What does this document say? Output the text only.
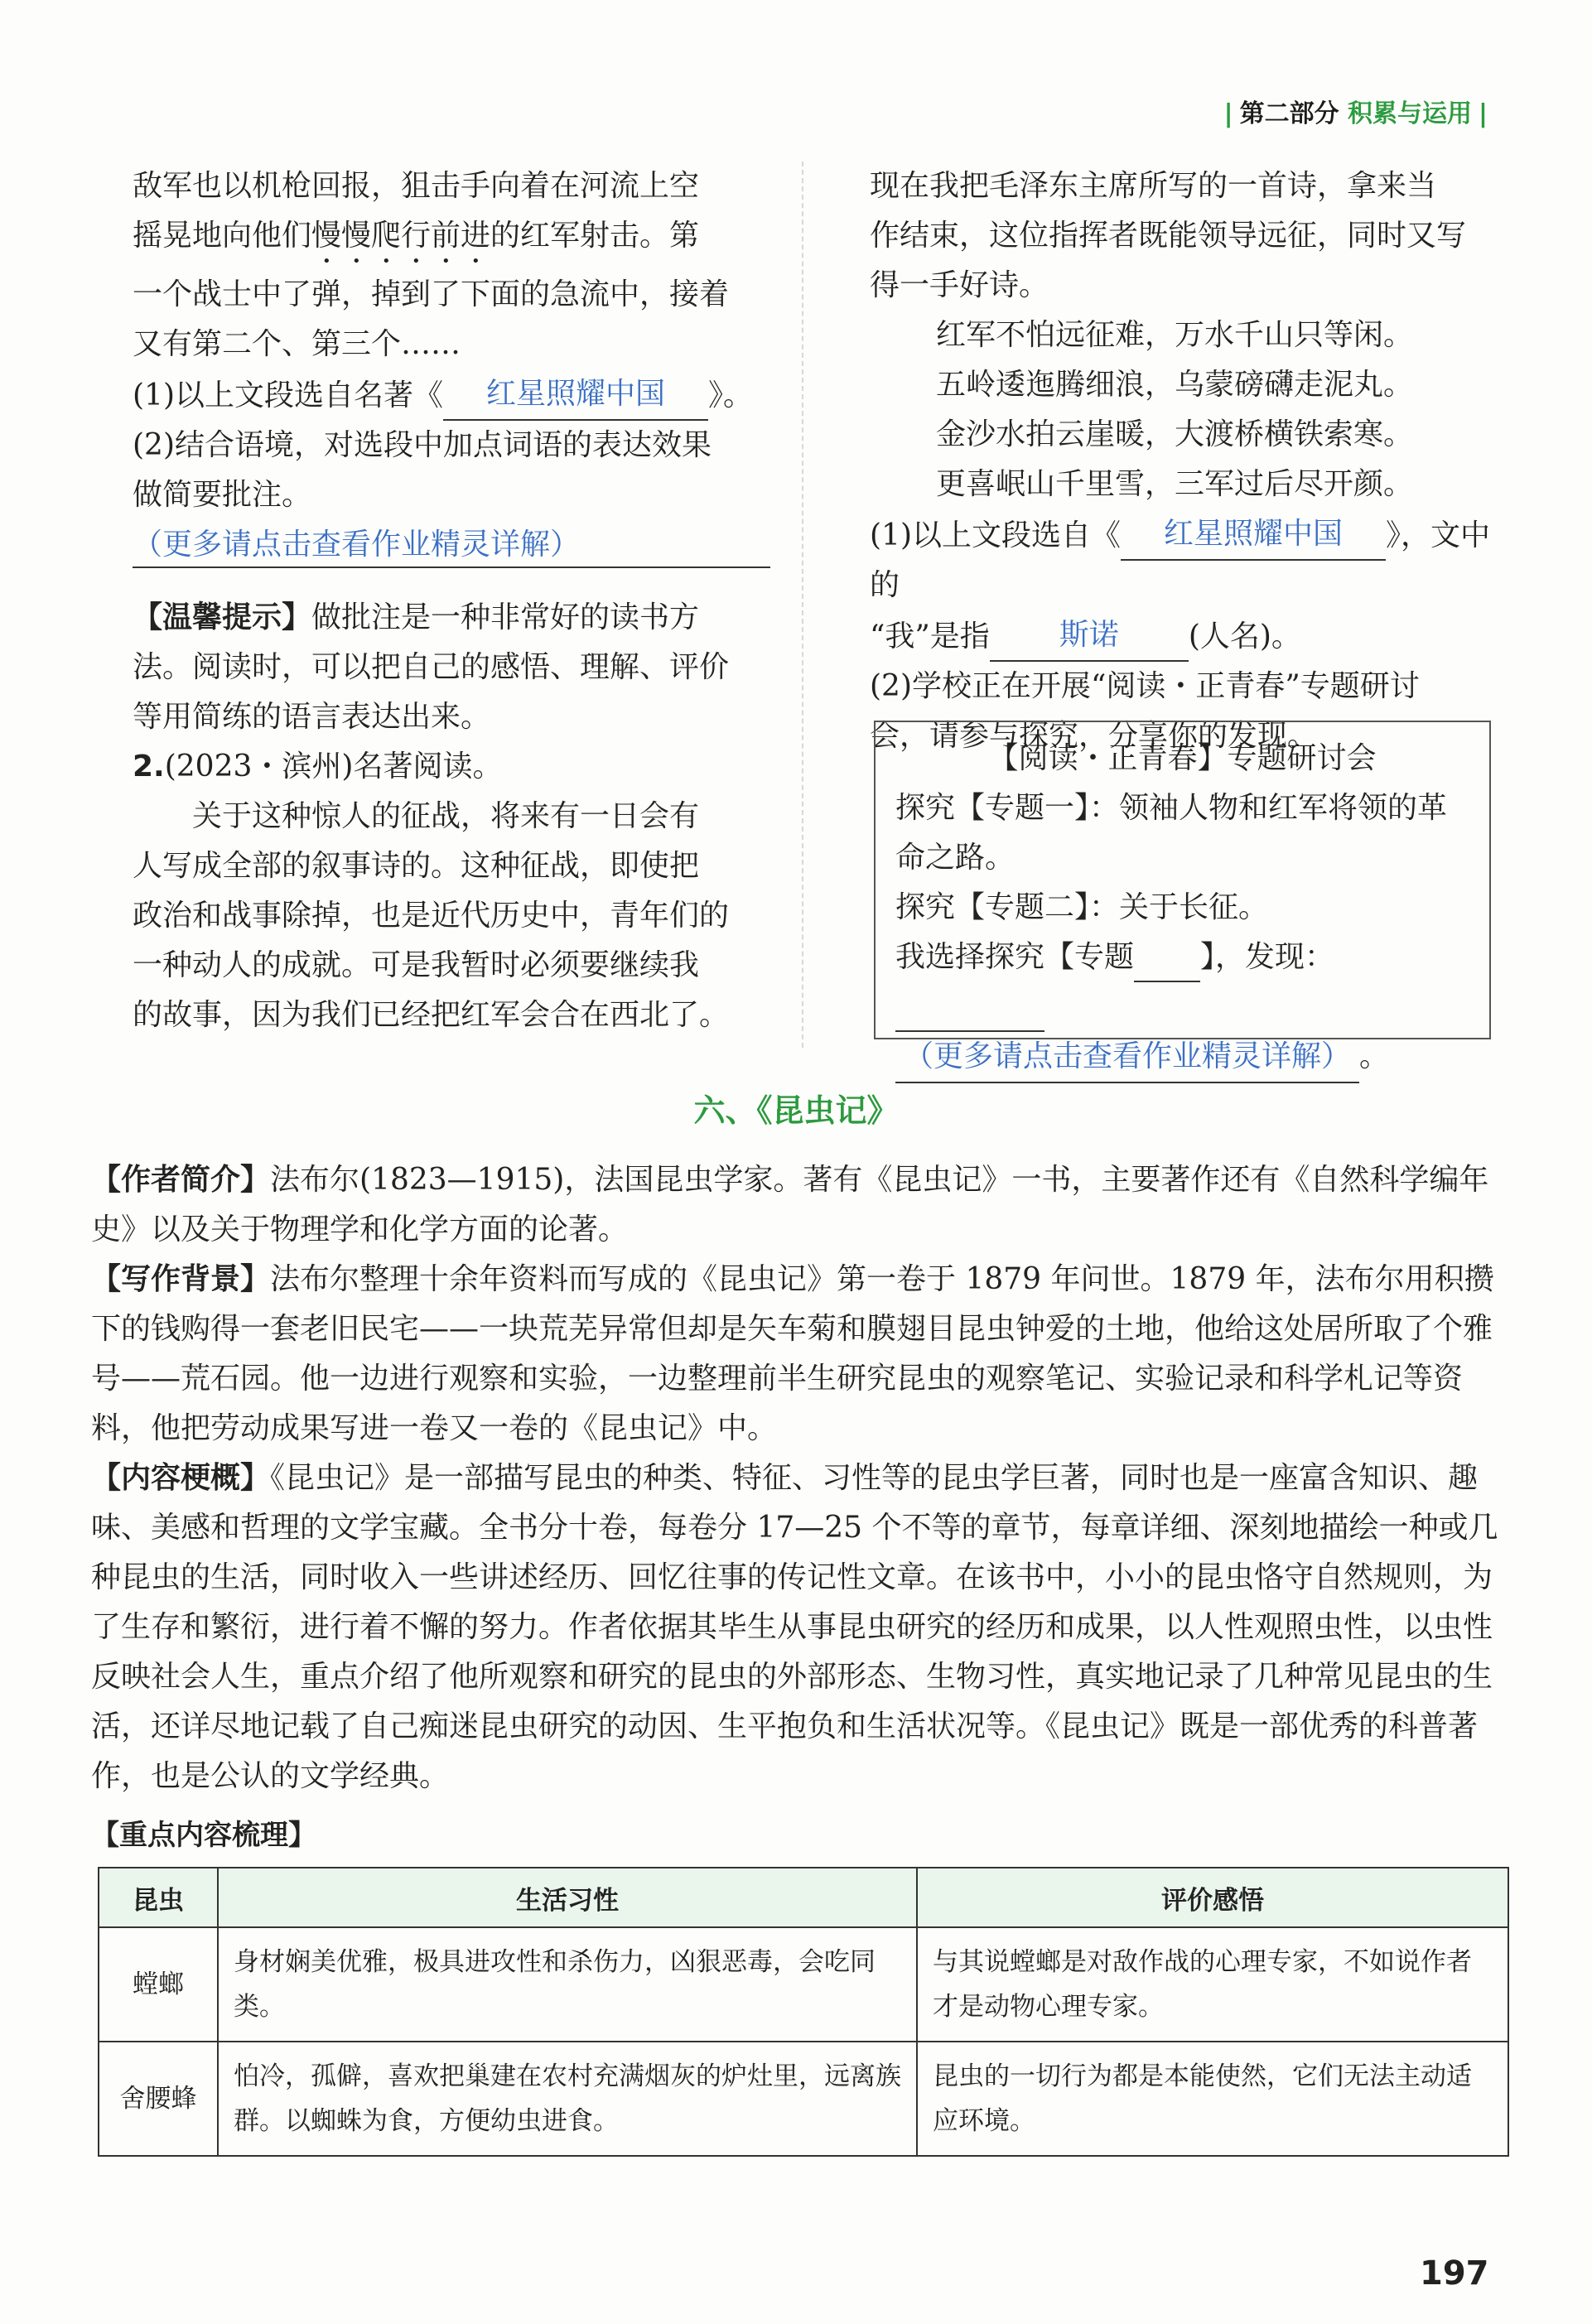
| 第二部分 积累与运用 |

敌军也以机枪回报，狙击手向着在河流上空

摇晃地向他们慢慢爬行前进的红军射击。第

一个战士中了弹，掉到了下面的急流中，接着

又有第二个、第三个……

(1)以上文段选自名著《 红星照耀中国 》。

(2)结合语境，对选段中加点词语的表达效果

做简要批注。

（更多请点击查看作业精灵详解）

【温馨提示】做批注是一种非常好的读书方

法。阅读时，可以把自己的感悟、理解、评价

等用简练的语言表达出来。

2.(2023・滨州)名著阅读。

关于这种惊人的征战，将来有一日会有

人写成全部的叙事诗的。这种征战，即使把

政治和战事除掉，也是近代历史中，青年们的

一种动人的成就。可是我暂时必须要继续我

的故事，因为我们已经把红军会合在西北了。

现在我把毛泽东主席所写的一首诗，拿来当

作结束，这位指挥者既能领导远征，同时又写

得一手好诗。

红军不怕远征难，万水千山只等闲。

五岭逶迤腾细浪，乌蒙磅礴走泥丸。

金沙水拍云崖暖，大渡桥横铁索寒。

更喜岷山千里雪，三军过后尽开颜。

(1)以上文段选自《 红星照耀中国 》，文中的

“我”是指 斯诺 (人名)。

(2)学校正在开展“阅读・正青春”专题研讨

会，请参与探究，分享你的发现。

【阅读・正青春】专题研讨会

探究【专题一】：领袖人物和红军将领的革

命之路。

探究【专题二】：关于长征。

我选择探究【专题 】，发现：

（更多请点击查看作业精灵详解） 。

六、《昆虫记》

【作者简介】法布尔(1823—1915)，法国昆虫学家。著有《昆虫记》一书，主要著作还有《自然科学编年史》以及关于物理学和化学方面的论著。

【写作背景】法布尔整理十余年资料而写成的《昆虫记》第一卷于 1879 年问世。1879 年，法布尔用积攒下的钱购得一套老旧民宅——一块荒芜异常但却是矢车菊和膜翅目昆虫钟爱的土地，他给这处居所取了个雅号——荒石园。他一边进行观察和实验，一边整理前半生研究昆虫的观察笔记、实验记录和科学札记等资料，他把劳动成果写进一卷又一卷的《昆虫记》中。

【内容梗概】《昆虫记》是一部描写昆虫的种类、特征、习性等的昆虫学巨著，同时也是一座富含知识、趣味、美感和哲理的文学宝藏。全书分十卷，每卷分 17—25 个不等的章节，每章详细、深刻地描绘一种或几种昆虫的生活，同时收入一些讲述经历、回忆往事的传记性文章。在该书中，小小的昆虫恪守自然规则，为了生存和繁衍，进行着不懈的努力。作者依据其毕生从事昆虫研究的经历和成果，以人性观照虫性，以虫性反映社会人生，重点介绍了他所观察和研究的昆虫的外部形态、生物习性，真实地记录了几种常见昆虫的生活，还详尽地记载了自己痴迷昆虫研究的动因、生平抱负和生活状况等。《昆虫记》既是一部优秀的科普著作，也是公认的文学经典。

【重点内容梳理】
昆虫	生活习性	评价感悟
螳螂	身材娴美优雅，极具进攻性和杀伤力，凶狠恶毒，会吃同类。	与其说螳螂是对敌作战的心理专家，不如说作者才是动物心理专家。
舍腰蜂	怕冷，孤僻，喜欢把巢建在农村充满烟灰的炉灶里，远离族群。以蜘蛛为食，方便幼虫进食。	昆虫的一切行为都是本能使然，它们无法主动适应环境。
197
